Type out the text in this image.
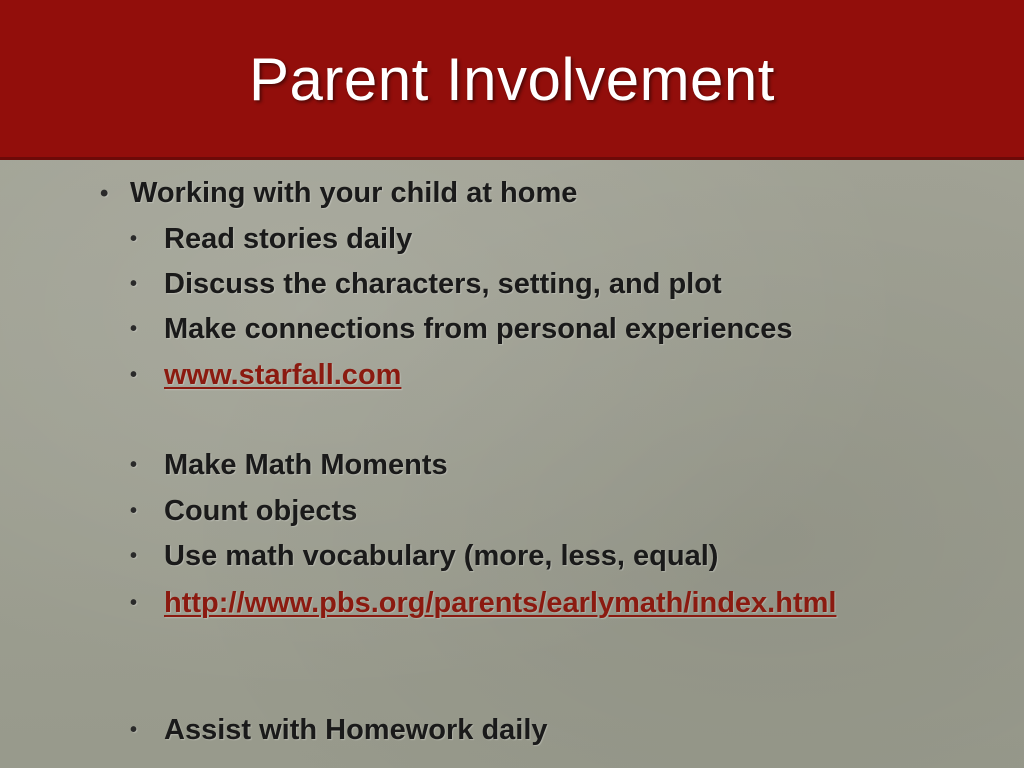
Parent Involvement
• Working with your child at home
• Read stories daily
• Discuss the characters, setting, and plot
• Make connections from personal experiences
• www.starfall.com
• Make Math Moments
• Count objects
• Use math vocabulary (more, less, equal)
• http://www.pbs.org/parents/earlymath/index.html
• Assist with Homework daily
